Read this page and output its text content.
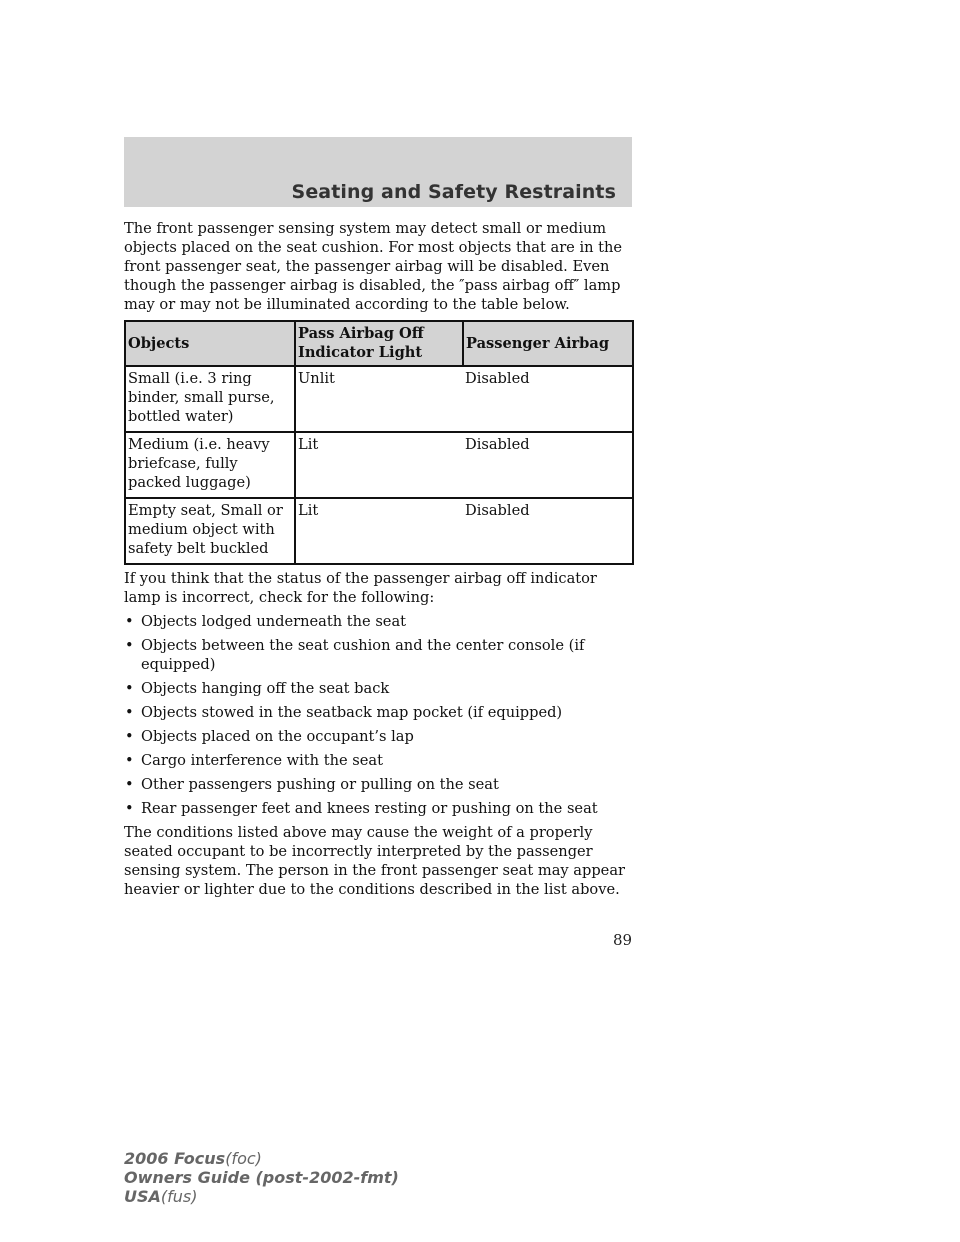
Seating and Safety Restraints

The front passenger sensing system may detect small or medium objects placed on the seat cushion. For most objects that are in the front passenger seat, the passenger airbag will be disabled. Even though the passenger airbag is disabled, the ″pass airbag off″ lamp may or may not be illuminated according to the table below.

Objects	Pass Airbag Off Indicator Light	Passenger Airbag
Small (i.e. 3 ring binder, small purse, bottled water)	Unlit	Disabled
Medium (i.e. heavy briefcase, fully packed luggage)	Lit	Disabled
Empty seat, Small or medium object with safety belt buckled	Lit	Disabled

If you think that the status of the passenger airbag off indicator lamp is incorrect, check for the following:

• Objects lodged underneath the seat
• Objects between the seat cushion and the center console (if equipped)
• Objects hanging off the seat back
• Objects stowed in the seatback map pocket (if equipped)
• Objects placed on the occupant’s lap
• Cargo interference with the seat
• Other passengers pushing or pulling on the seat
• Rear passenger feet and knees resting or pushing on the seat

The conditions listed above may cause the weight of a properly seated occupant to be incorrectly interpreted by the passenger sensing system. The person in the front passenger seat may appear heavier or lighter due to the conditions described in the list above.

89
2006 Focus(foc)
Owners Guide (post-2002-fmt)
USA(fus)
